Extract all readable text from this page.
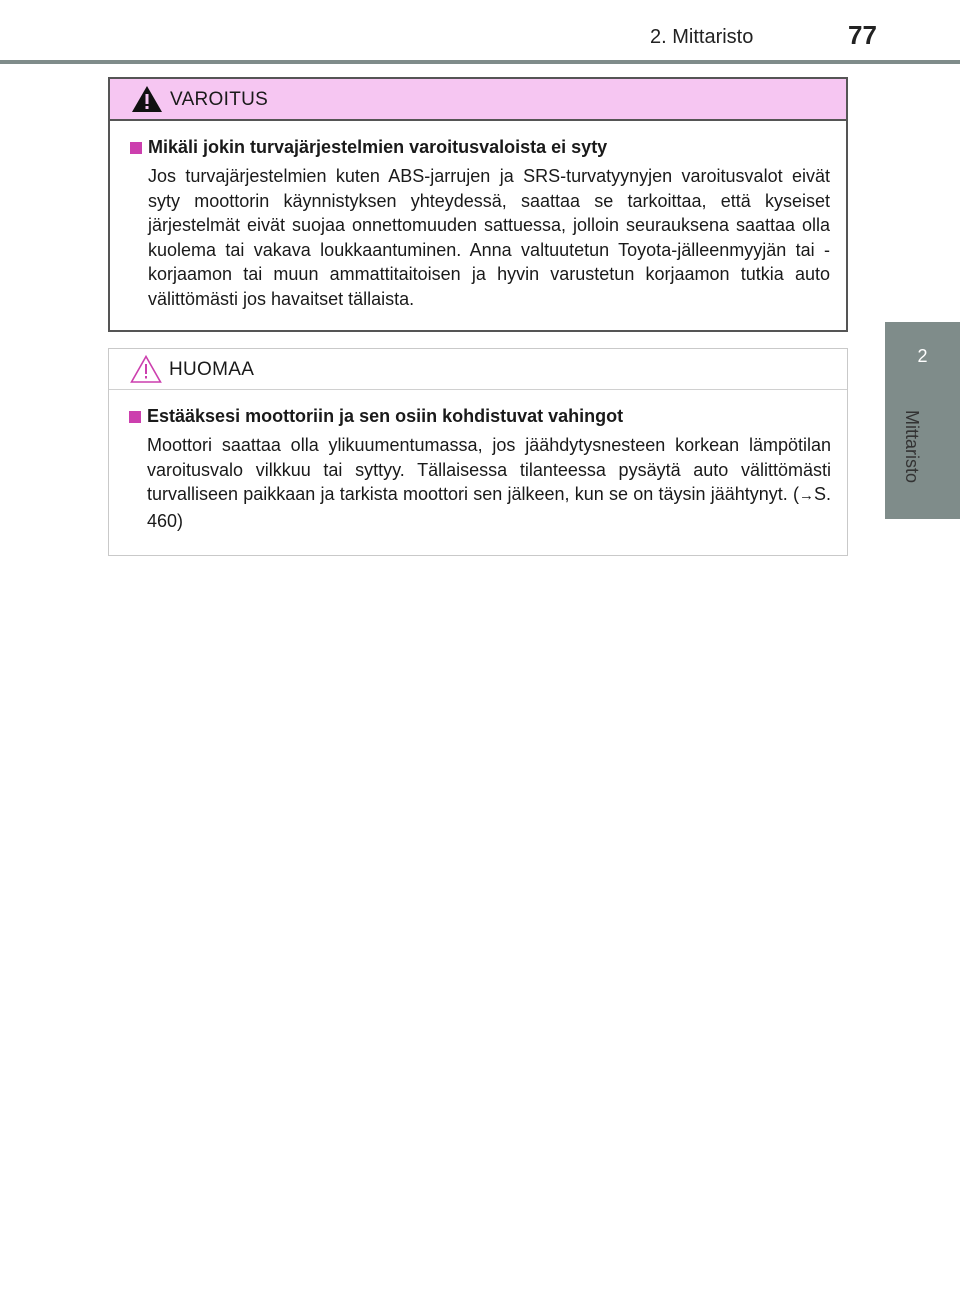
2. Mittaristo	77
2
Mittaristo
VAROITUS
Mikäli jokin turvajärjestelmien varoitusvaloista ei syty
Jos turvajärjestelmien kuten ABS-jarrujen ja SRS-turvatyynyjen varoitusvalot eivät syty moottorin käynnistyksen yhteydessä, saattaa se tarkoittaa, että kyseiset järjestelmät eivät suojaa onnettomuuden sattuessa, jolloin seurauksena saattaa olla kuolema tai vakava loukkaantuminen. Anna valtuutetun Toyota-jälleenmyyjän tai -korjaamon tai muun ammattitaitoisen ja hyvin varustetun korjaamon tutkia auto välittömästi jos havaitset tällaista.
HUOMAA
Estääksesi moottoriin ja sen osiin kohdistuvat vahingot
Moottori saattaa olla ylikuumentumassa, jos jäähdytysnesteen korkean lämpötilan varoitusvalo vilkkuu tai syttyy. Tällaisessa tilanteessa pysäytä auto välittömästi turvalliseen paikkaan ja tarkista moottori sen jälkeen, kun se on täysin jäähtynyt. (→S. 460)
